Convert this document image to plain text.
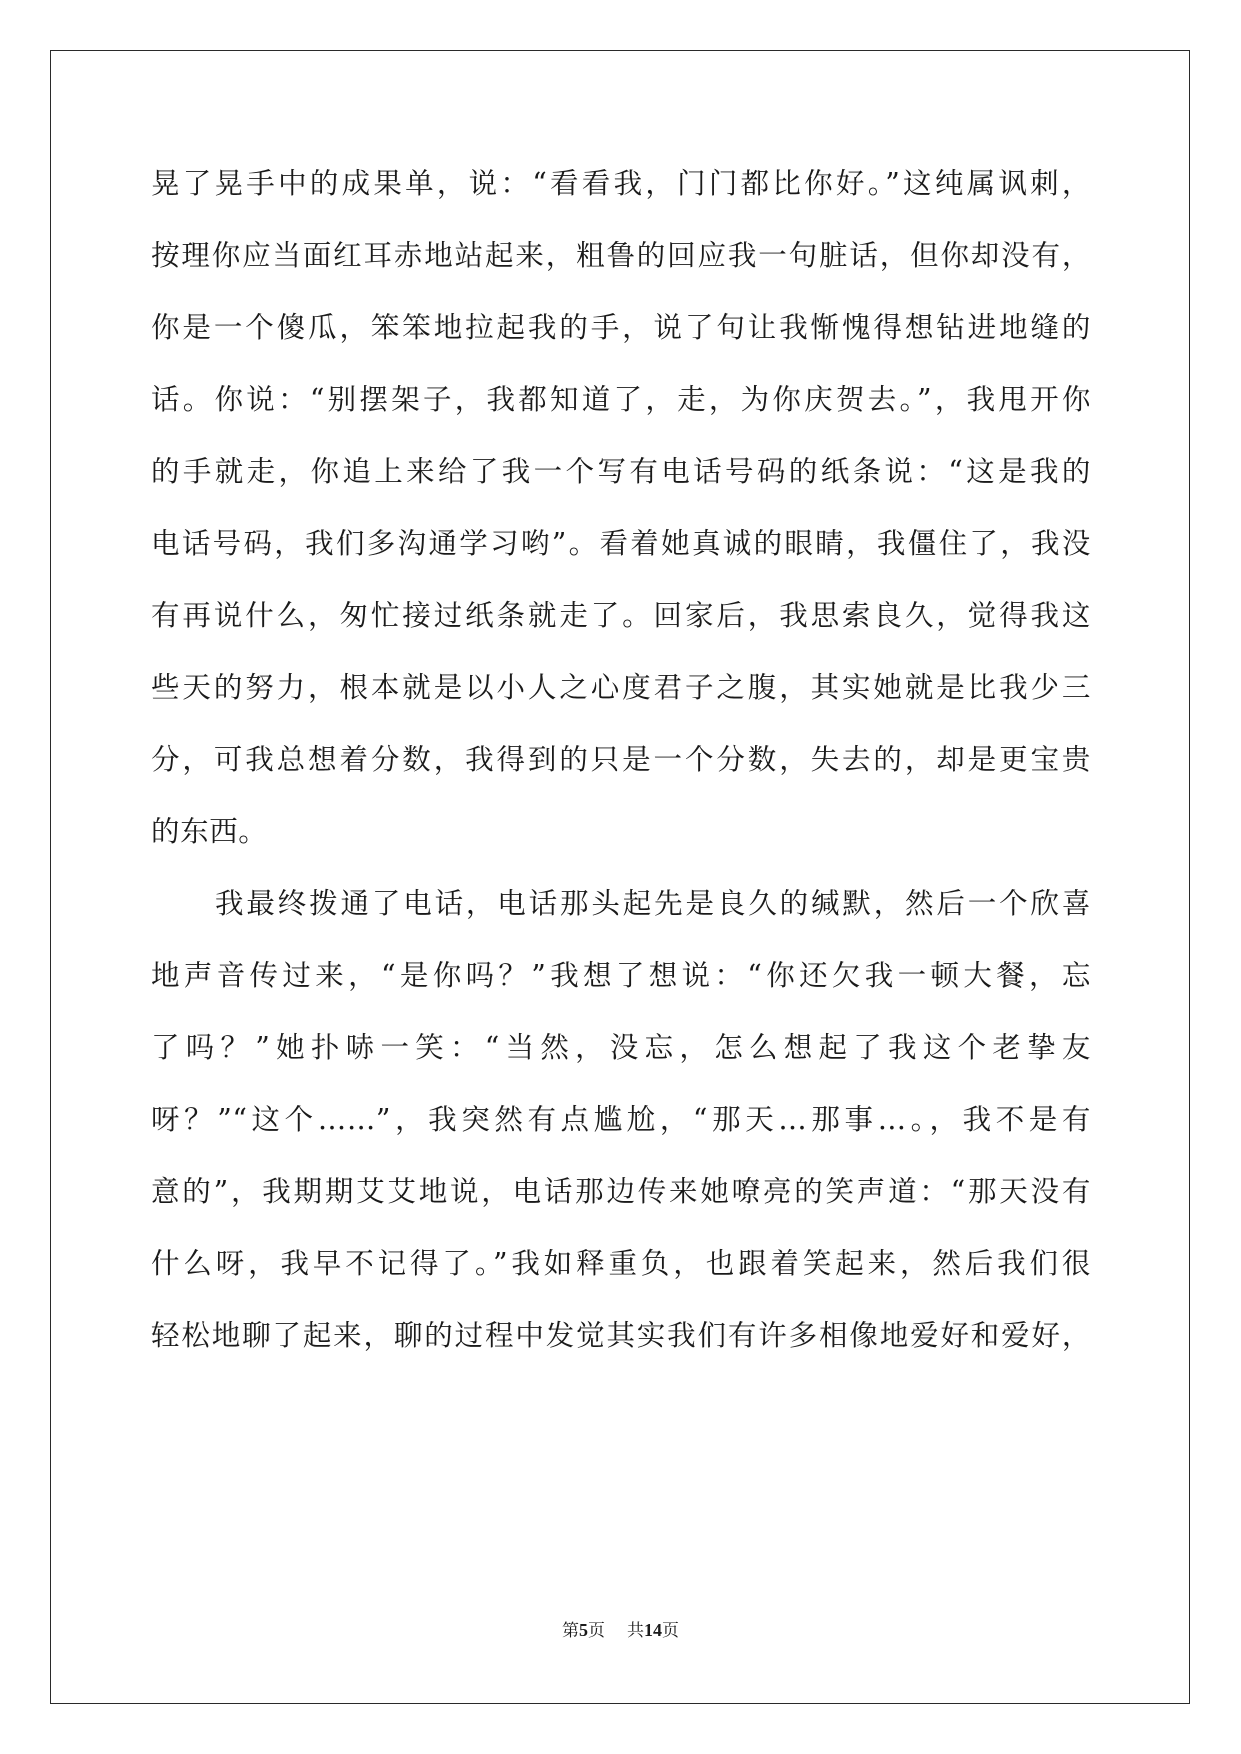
晃了晃手中的成果单，说：“看看我，门门都比你好。”这纯属讽刺，
按理你应当面红耳赤地站起来，粗鲁的回应我一句脏话，但你却没有，
你是一个傻瓜，笨笨地拉起我的手，说了句让我惭愧得想钻进地缝的
话。你说：“别摆架子，我都知道了，走，为你庆贺去。”，我甩开你
的手就走，你追上来给了我一个写有电话号码的纸条说：“这是我的
电话号码，我们多沟通学习哟”。看着她真诚的眼睛，我僵住了，我没
有再说什么，匆忙接过纸条就走了。回家后，我思索良久，觉得我这
些天的努力，根本就是以小人之心度君子之腹，其实她就是比我少三
分，可我总想着分数，我得到的只是一个分数，失去的，却是更宝贵
的东西。
我最终拨通了电话，电话那头起先是良久的缄默，然后一个欣喜
地声音传过来，“是你吗？”我想了想说：“你还欠我一顿大餐，忘
了吗？”她扑哧一笑：“当然，没忘，怎么想起了我这个老挚友
呀？”“这个……”，我突然有点尴尬，“那天…那事…。，我不是有
意的”，我期期艾艾地说，电话那边传来她嘹亮的笑声道：“那天没有
什么呀，我早不记得了。”我如释重负，也跟着笑起来，然后我们很
轻松地聊了起来，聊的过程中发觉其实我们有许多相像地爱好和爱好，
第5页 共14页
